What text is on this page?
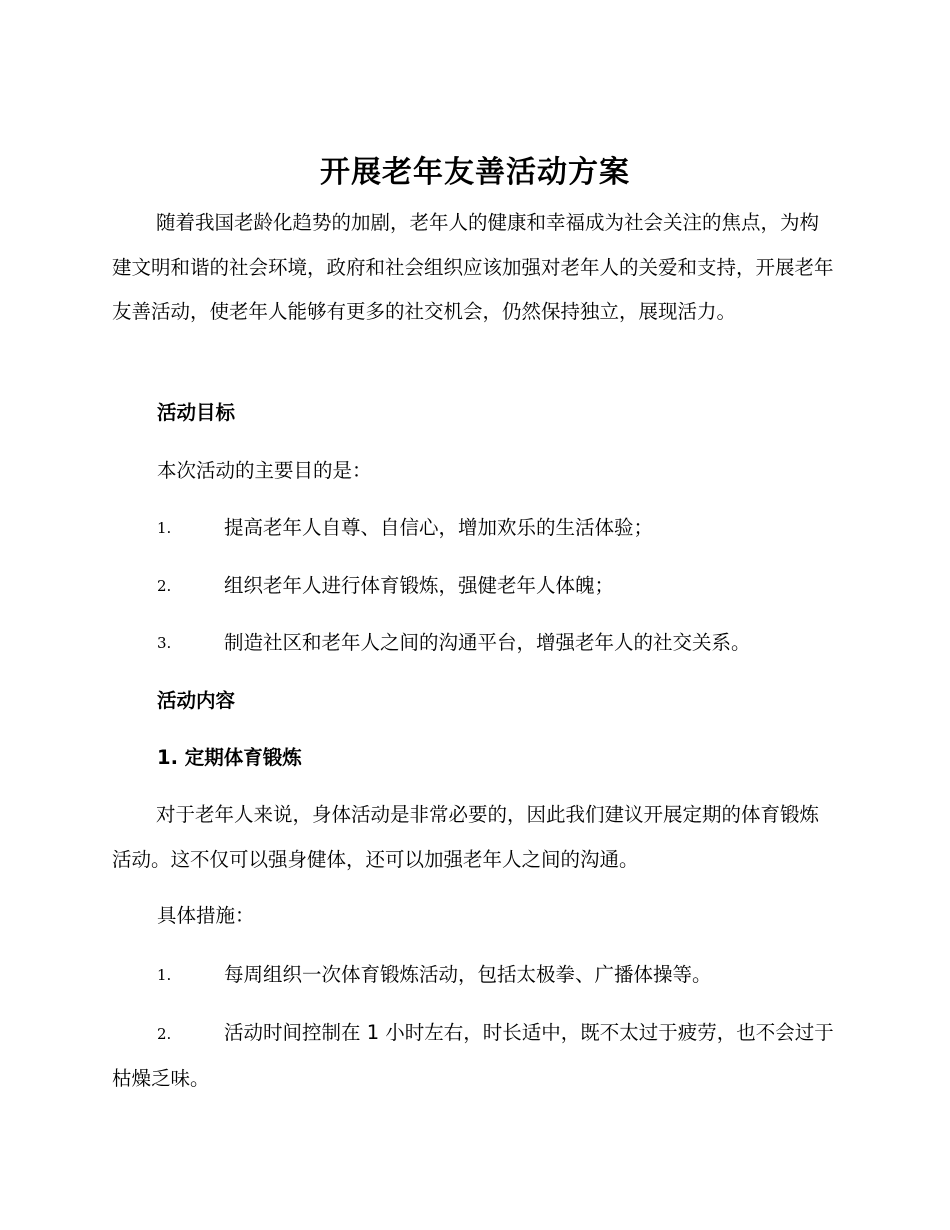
开展老年友善活动方案

随着我国老龄化趋势的加剧，老年人的健康和幸福成为社会关注的焦点，为构建文明和谐的社会环境，政府和社会组织应该加强对老年人的关爱和支持，开展老年友善活动，使老年人能够有更多的社交机会，仍然保持独立，展现活力。

活动目标

本次活动的主要目的是：

1.	提高老年人自尊、自信心，增加欢乐的生活体验；
2.	组织老年人进行体育锻炼，强健老年人体魄；
3.	制造社区和老年人之间的沟通平台，增强老年人的社交关系。

活动内容

1. 定期体育锻炼

对于老年人来说，身体活动是非常必要的，因此我们建议开展定期的体育锻炼活动。这不仅可以强身健体，还可以加强老年人之间的沟通。

具体措施：

1.	每周组织一次体育锻炼活动，包括太极拳、广播体操等。
2.	活动时间控制在 1 小时左右，时长适中，既不太过于疲劳，也不会过于枯燥乏味。
